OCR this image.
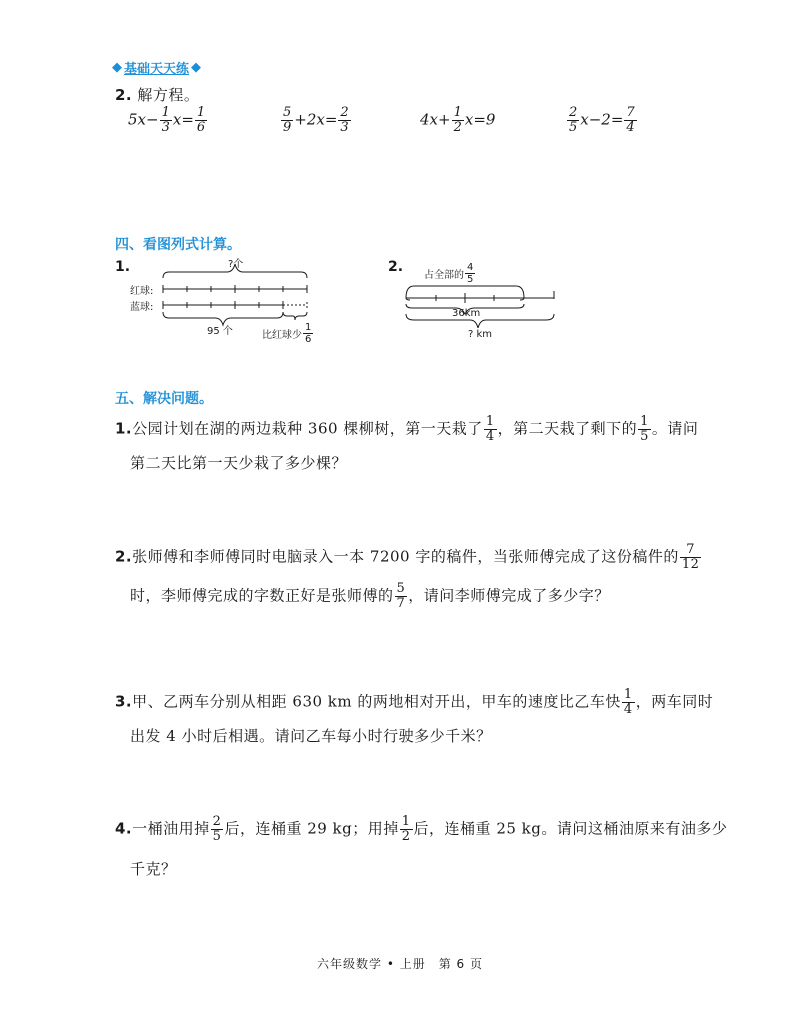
◆ 基础天天练 ◆
2. 解方程。
$5x- \frac{1}{3} x= \frac{1}{6}$	$\frac{5}{9} +2x= \frac{2}{3}$	$4x+ \frac{1}{2} x=9$	$\frac{2}{5} x-2= \frac{7}{4}$
四、看图列式计算。
1.	?个
红球:
蓝球:
95 个	比红球少 $\frac{1}{6}$
2.
占全部的 $\frac{4}{5}$
36km
? km
五、解决问题。
1.公园计划在湖的两边栽种 360 棵柳树，第一天栽了 $\frac{1}{4}$ ，第二天栽了剩下的 $\frac{1}{5}$ 。请问
第二天比第一天少栽了多少棵？
2.张师傅和李师傅同时电脑录入一本 7200 字的稿件，当张师傅完成了这份稿件的 $\frac{7}{12}$
时，李师傅完成的字数正好是张师傅的 $\frac{5}{7}$ ，请问李师傅完成了多少字？
3.甲、乙两车分别从相距 630 km 的两地相对开出，甲车的速度比乙车快 $\frac{1}{4}$ ，两车同时
出发 4 小时后相遇。请问乙车每小时行驶多少千米？
4.一桶油用掉 $\frac{2}{5}$ 后，连桶重 29 kg；用掉 $\frac{1}{2}$ 后，连桶重 25 kg。请问这桶油原来有油多少
千克？
六年级数学 • 上册　第 6 页
